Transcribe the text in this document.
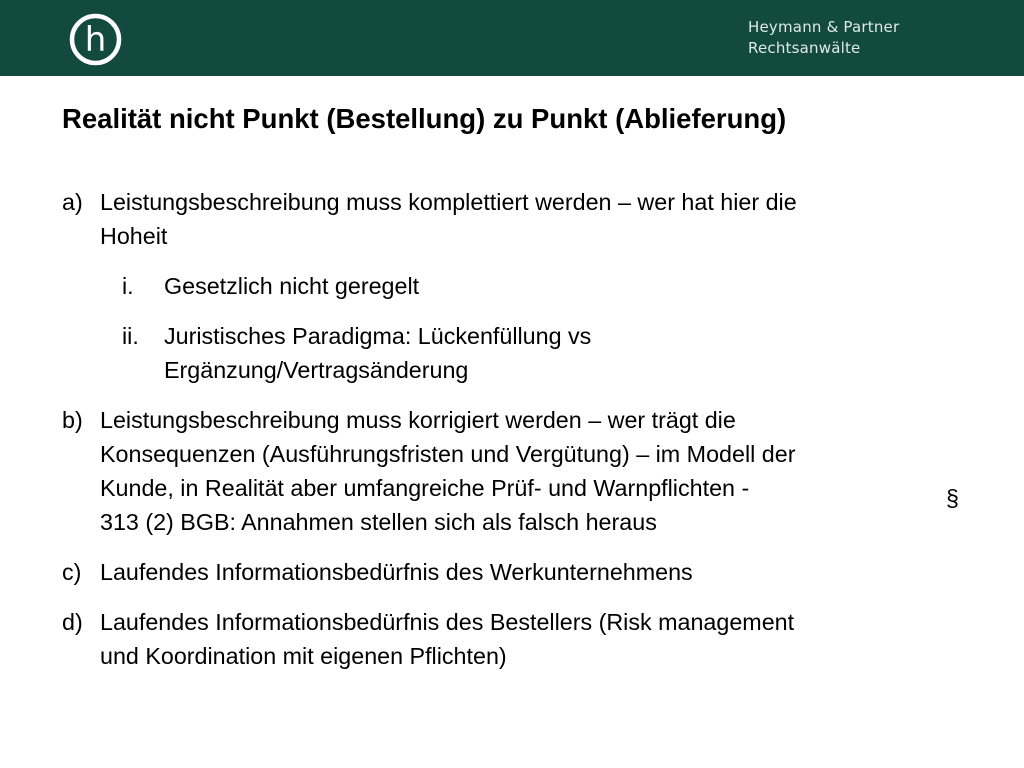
h	Heymann & Partner
Rechtsanwälte
Realität nicht Punkt (Bestellung) zu Punkt (Ablieferung)
a) Leistungsbeschreibung muss komplettiert werden – wer hat hier die
Hoheit
i. Gesetzlich nicht geregelt
ii. Juristisches Paradigma: Lückenfüllung vs
Ergänzung/Vertragsänderung
b) Leistungsbeschreibung muss korrigiert werden – wer trägt die
Konsequenzen (Ausführungsfristen und Vergütung) – im Modell der
Kunde, in Realität aber umfangreiche Prüf- und Warnpflichten -
313 (2) BGB: Annahmen stellen sich als falsch heraus
c) Laufendes Informationsbedürfnis des Werkunternehmens
d) Laufendes Informationsbedürfnis des Bestellers (Risk management
und Koordination mit eigenen Pflichten)
§
